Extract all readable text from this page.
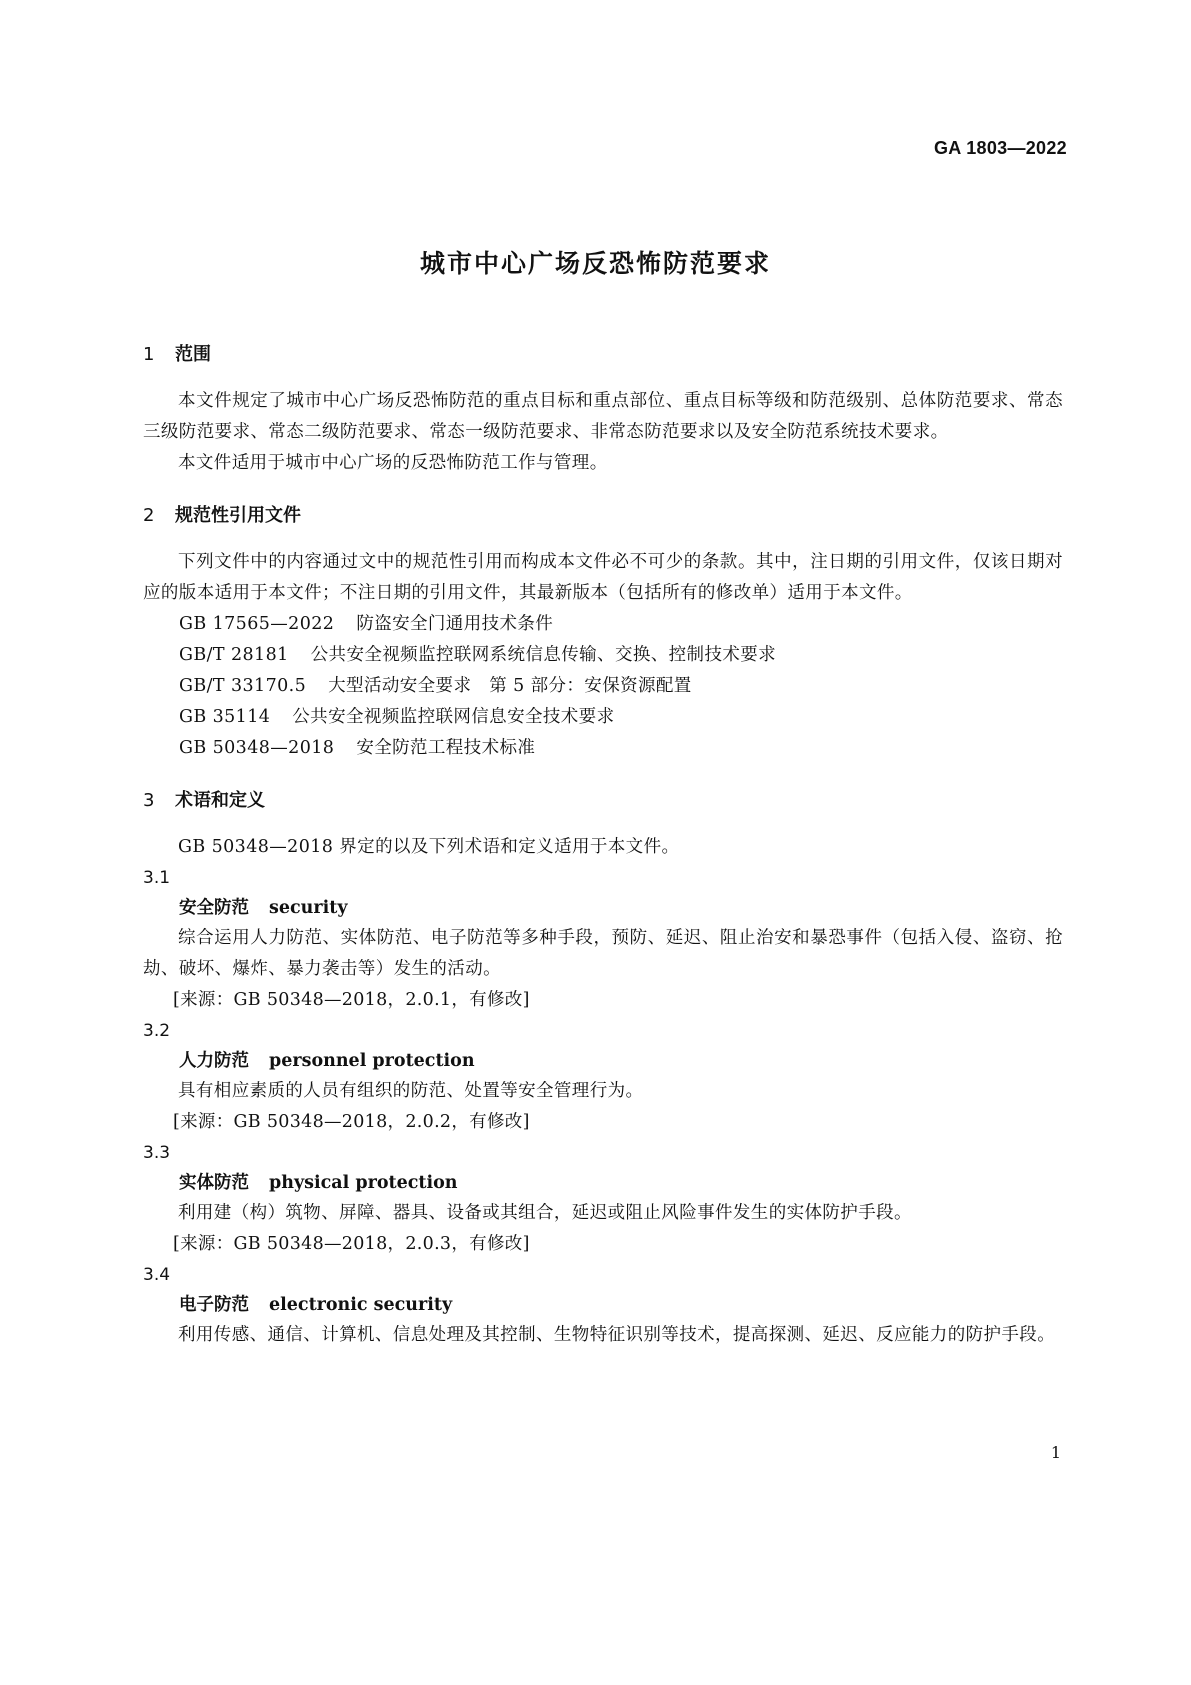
GA 1803—2022
城市中心广场反恐怖防范要求

1 范围

本文件规定了城市中心广场反恐怖防范的重点目标和重点部位、重点目标等级和防范级别、总体防范要求、常态三级防范要求、常态二级防范要求、常态一级防范要求、非常态防范要求以及安全防范系统技术要求。

本文件适用于城市中心广场的反恐怖防范工作与管理。

2 规范性引用文件

下列文件中的内容通过文中的规范性引用而构成本文件必不可少的条款。其中，注日期的引用文件，仅该日期对应的版本适用于本文件；不注日期的引用文件，其最新版本（包括所有的修改单）适用于本文件。

GB 17565—2022 防盗安全门通用技术条件

GB/T 28181 公共安全视频监控联网系统信息传输、交换、控制技术要求

GB/T 33170.5 大型活动安全要求　第 5 部分：安保资源配置

GB 35114 公共安全视频监控联网信息安全技术要求

GB 50348—2018 安全防范工程技术标准

3 术语和定义

GB 50348—2018 界定的以及下列术语和定义适用于本文件。

3.1

安全防范 security

综合运用人力防范、实体防范、电子防范等多种手段，预防、延迟、阻止治安和暴恐事件（包括入侵、盗窃、抢劫、破坏、爆炸、暴力袭击等）发生的活动。

[来源：GB 50348—2018，2.0.1，有修改]

3.2

人力防范 personnel protection

具有相应素质的人员有组织的防范、处置等安全管理行为。

[来源：GB 50348—2018，2.0.2，有修改]

3.3

实体防范 physical protection

利用建（构）筑物、屏障、器具、设备或其组合，延迟或阻止风险事件发生的实体防护手段。

[来源：GB 50348—2018，2.0.3，有修改]

3.4

电子防范 electronic security

利用传感、通信、计算机、信息处理及其控制、生物特征识别等技术，提高探测、延迟、反应能力的防护手段。

1
